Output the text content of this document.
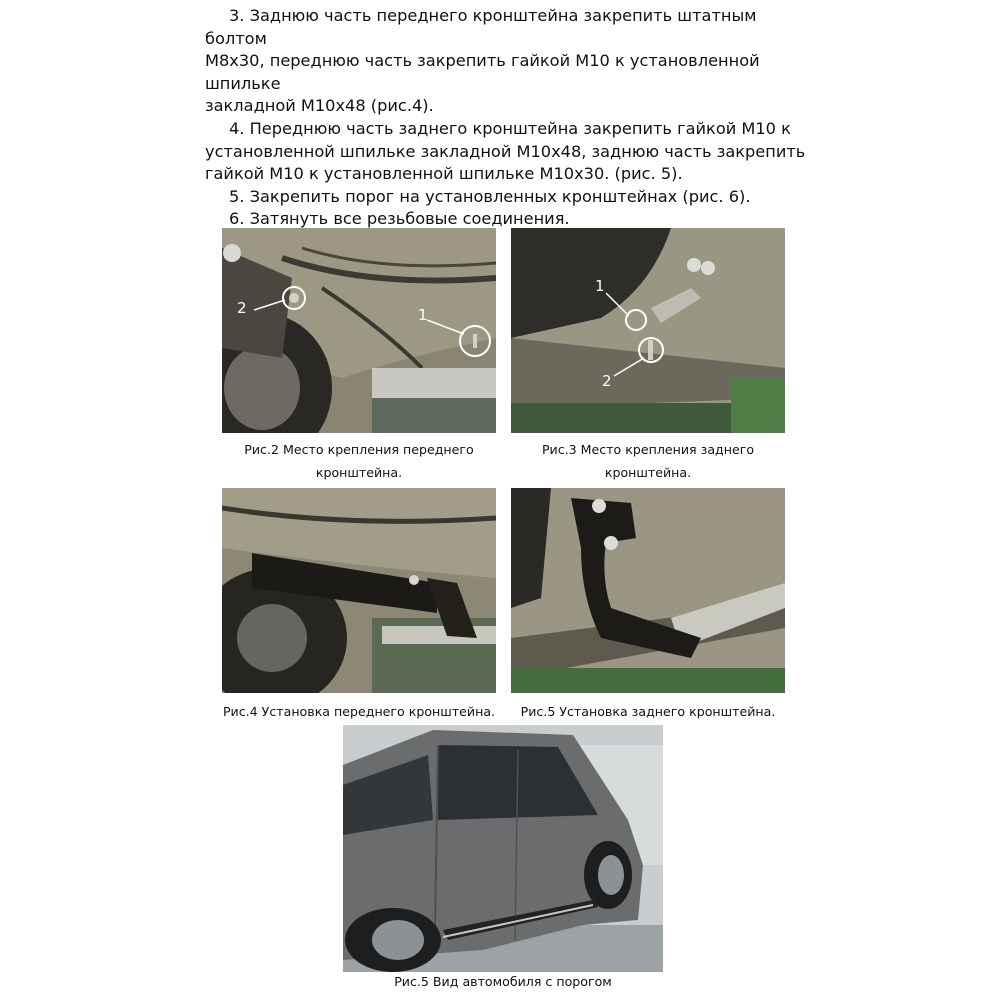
3. Заднюю часть переднего кронштейна закрепить штатным болтом

М8х30, переднюю часть закрепить гайкой М10 к установленной шпильке

закладной М10х48 (рис.4).

4. Переднюю часть заднего кронштейна закрепить гайкой М10 к

установленной шпильке закладной М10х48, заднюю часть закрепить

гайкой М10 к установленной шпильке М10х30. (рис. 5).

5. Закрепить порог на установленных кронштейнах (рис. 6).

6. Затянуть все резьбовые соединения.

2	1
1
2
Рис.2 Место крепления переднего
кронштейна.
Рис.3 Место крепления заднего
кронштейна.
Рис.4 Установка переднего кронштейна.	Рис.5 Установка заднего кронштейна.
Рис.5 Вид автомобиля с порогом
